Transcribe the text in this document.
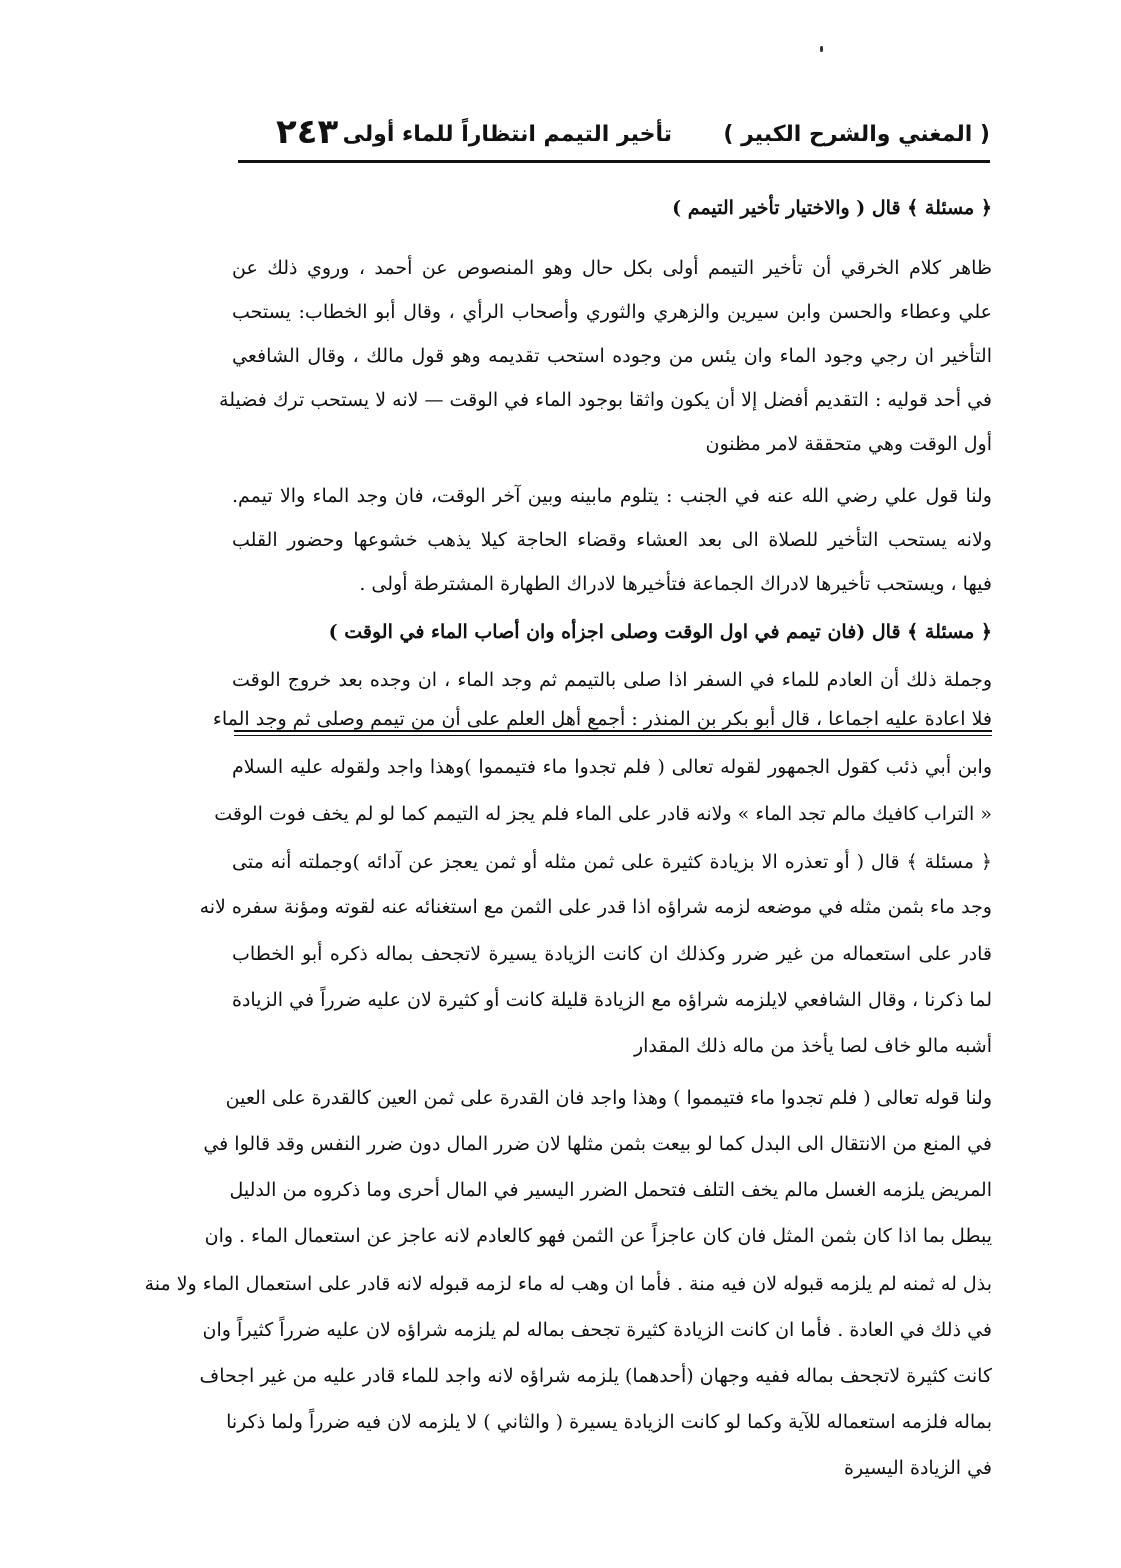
( المغني والشرح الكبير )
تأخير التيمم انتظاراً للماء أولى
٢٤٣
﴿ مسئلة ﴾ قال ( والاختيار تأخير التيمم )
ظاهر كلام الخرقي أن تأخير التيمم أولى بكل حال وهو المنصوص عن أحمد ، وروي ذلك عن
علي وعطاء والحسن وابن سيرين والزهري والثوري وأصحاب الرأي ، وقال أبو الخطاب: يستحب
التأخير ان رجي وجود الماء وان يئس من وجوده استحب تقديمه وهو قول مالك ، وقال الشافعي
في أحد قوليه : التقديم أفضل إلا أن يكون واثقا بوجود الماء في الوقت — لانه لا يستحب ترك فضيلة
أول الوقت وهي متحققة لامر مظنون
ولنا قول علي رضي الله عنه في الجنب : يتلوم مابينه وبين آخر الوقت، فان وجد الماء والا تيمم.
ولانه يستحب التأخير للصلاة الى بعد العشاء وقضاء الحاجة كيلا يذهب خشوعها وحضور القلب
فيها ، ويستحب تأخيرها لادراك الجماعة فتأخيرها لادراك الطهارة المشترطة أولى .
﴿ مسئلة ﴾ قال (فان تيمم في اول الوقت وصلى اجزأه وان أصاب الماء في الوقت )
وجملة ذلك أن العادم للماء في السفر اذا صلى بالتيمم ثم وجد الماء ، ان وجده بعد خروج الوقت
فلا اعادة عليه اجماعا ، قال أبو بكر بن المنذر : أجمع أهل العلم على أن من تيمم وصلى ثم وجد الماء
وابن أبي ذئب كقول الجمهور لقوله تعالى ( فلم تجدوا ماء فتيمموا )وهذا واجد ولقوله عليه السلام
« التراب كافيك مالم تجد الماء » ولانه قادر على الماء فلم يجز له التيمم كما لو لم يخف فوت الوقت
﴿ مسئلة ﴾ قال ( أو تعذره الا بزيادة كثيرة على ثمن مثله أو ثمن يعجز عن آدائه )وجملته أنه متى
وجد ماء بثمن مثله في موضعه لزمه شراؤه اذا قدر على الثمن مع استغنائه عنه لقوته ومؤنة سفره لانه
قادر على استعماله من غير ضرر وكذلك ان كانت الزيادة يسيرة لاتجحف بماله ذكره أبو الخطاب
لما ذكرنا ، وقال الشافعي لايلزمه شراؤه مع الزيادة قليلة كانت أو كثيرة لان عليه ضرراً في الزيادة
أشبه مالو خاف لصا يأخذ من ماله ذلك المقدار
ولنا قوله تعالى ( فلم تجدوا ماء فتيمموا ) وهذا واجد فان القدرة على ثمن العين كالقدرة على العين
في المنع من الانتقال الى البدل كما لو بيعت بثمن مثلها لان ضرر المال دون ضرر النفس وقد قالوا في
المريض يلزمه الغسل مالم يخف التلف فتحمل الضرر اليسير في المال أحرى وما ذكروه من الدليل
يبطل بما اذا كان بثمن المثل فان كان عاجزاً عن الثمن فهو كالعادم لانه عاجز عن استعمال الماء . وان
بذل له ثمنه لم يلزمه قبوله لان فيه منة . فأما ان وهب له ماء لزمه قبوله لانه قادر على استعمال الماء ولا منة
في ذلك في العادة . فأما ان كانت الزيادة كثيرة تجحف بماله لم يلزمه شراؤه لان عليه ضرراً كثيراً وان
كانت كثيرة لاتجحف بماله ففيه وجهان (أحدهما) يلزمه شراؤه لانه واجد للماء قادر عليه من غير اجحاف
بماله فلزمه استعماله للآية وكما لو كانت الزيادة يسيرة ( والثاني ) لا يلزمه لان فيه ضرراً ولما ذكرنا
في الزيادة اليسيرة
